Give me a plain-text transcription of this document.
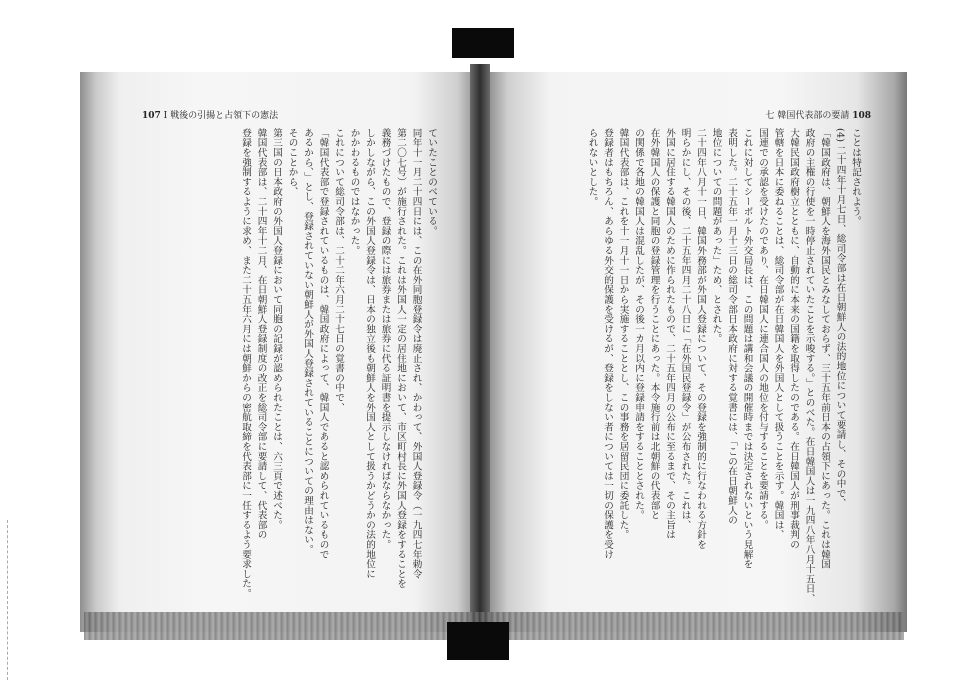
107 Ⅰ 戦後の引揚と占領下の憲法
ていたことのべている。
同年十一月二十四日には、この在外同胞登録令は廃止され、かわって、外国人登録令（一九四七年勅令
第二〇七号）が施行された。これは外国人一定の居住地において、市区町村長に外国人登録をすることを
義務づけたもので、登録の際には旅券または旅券に代る証明書を提示しなければならなかった。
しかしながら、この外国人登録令は、日本の独立後も朝鮮人を外国人として扱うかどうかの法的地位に
かかわるものではなかった。
これについて総司令部は、二十二年六月二十七日の覚書の中で、
「韓国代表部で登録されているものは、韓国政府によって、韓国人であると認められているもので
あるから、」とし、登録されていない朝鮮人が外国人登録されていることについての理由はない。
そのことから、
第三国の日本政府の外国人登録において同胞の記録が認められたことは、六三頁で述べた。
韓国代表部は、二十四年十二月、在日朝鮮人登録制度の改正を総司令部に要請して、代表部の
登録を強制するように求め、また二十五年六月には朝鮮からの密航取締を代表部に一任するよう要求した。
七 韓国代表部の要請 108
ことは特記されよう。
(4) 二十四年十月七日、総司令部は在日朝鮮人の法的地位について要請し、その中で、
「韓国政府は、朝鮮人を海外国民とみなしておらず、三十五年前日本の占領下にあった。これは韓国
政府の主権の行使を一時停止されていたことを示唆する。」とのべた。在日韓国人は一九四八年八月十五日、
大韓民国政府樹立とともに、自動的に本来の国籍を取得したのである。在日韓国人が刑事裁判の
管轄を日本に委ねることは、総司令部が在日韓国人を外国人として扱うことを示す。韓国は、
国連での承認を受けたのであり、在日韓国人に連合国人の地位を付与することを要請する。
これに対してシーボルト外交局長は、この問題は講和会議の開催時までは決定されないという見解を
表明した。二十五年一月十三日の総司令部日本政府に対する覚書には、「この在日朝鮮人の
地位についての問題があった」ため、とされた。
二十四年八月十一日、韓国外務部が外国人登録について、その登録を強制的に行なわれる方針を
明らかにし、その後、二十五年四月二十八日に「在外国民登録令」が公布された。これは、
外国に居住する韓国人のために作られたもので、二十五年四月の公布に至るまで、その主旨は
在外韓国人の保護と同胞の登録管理を行うことにあった。本令施行前は北朝鮮の代表部と
の関係で各地の韓国人は混乱したが、その後一カ月以内に登録申請をすることとされた。
韓国代表部は、これを十一月十一日から実施することとし、この事務を居留民団に委託した。
登録者はもちろん、あらゆる外交的保護を受けるが、登録をしない者については一切の保護を受け
られないとした。
